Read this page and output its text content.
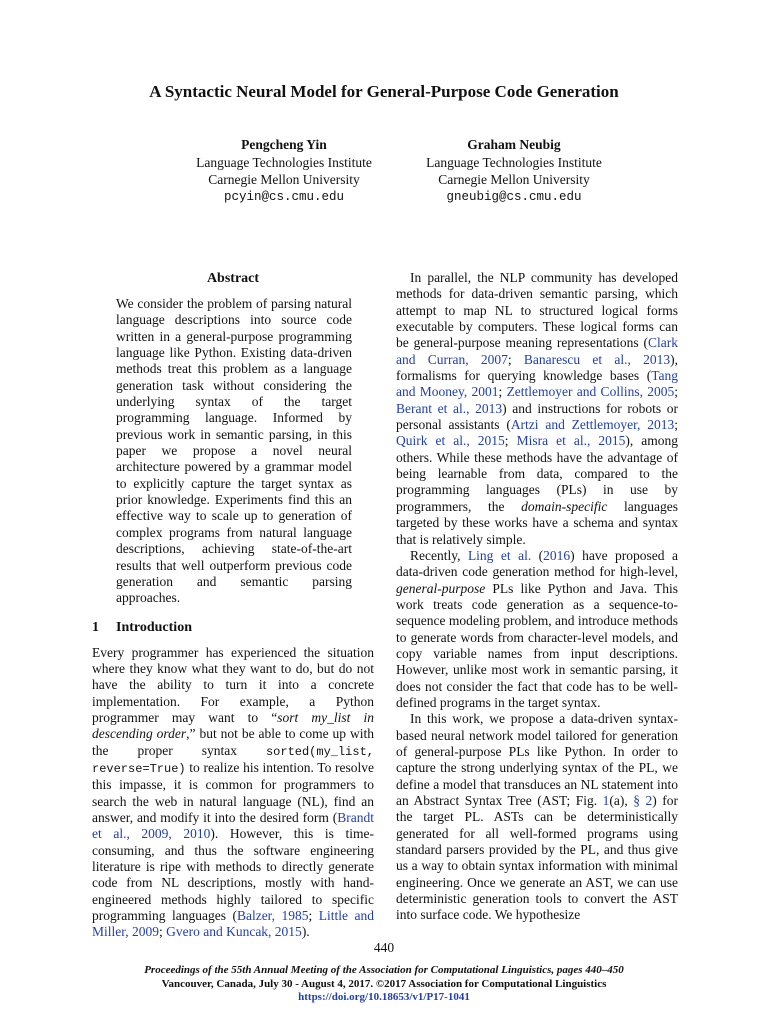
A Syntactic Neural Model for General-Purpose Code Generation
Pengcheng Yin
Language Technologies Institute
Carnegie Mellon University
pcyin@cs.cmu.edu
Graham Neubig
Language Technologies Institute
Carnegie Mellon University
gneubig@cs.cmu.edu
Abstract

We consider the problem of parsing natural language descriptions into source code written in a general-purpose programming language like Python. Existing data-driven methods treat this problem as a language generation task without considering the underlying syntax of the target programming language. Informed by previous work in semantic parsing, in this paper we propose a novel neural architecture powered by a grammar model to explicitly capture the target syntax as prior knowledge. Experiments find this an effective way to scale up to generation of complex programs from natural language descriptions, achieving state-of-the-art results that well outperform previous code generation and semantic parsing approaches.

1 Introduction

Every programmer has experienced the situation where they know what they want to do, but do not have the ability to turn it into a concrete implementation. For example, a Python programmer may want to “sort my_list in descending order,” but not be able to come up with the proper syntax sorted(my_list, reverse=True) to realize his intention. To resolve this impasse, it is common for programmers to search the web in natural language (NL), find an answer, and modify it into the desired form (Brandt et al., 2009, 2010). However, this is time-consuming, and thus the software engineering literature is ripe with methods to directly generate code from NL descriptions, mostly with hand-engineered methods highly tailored to specific programming languages (Balzer, 1985; Little and Miller, 2009; Gvero and Kuncak, 2015).

In parallel, the NLP community has developed methods for data-driven semantic parsing, which attempt to map NL to structured logical forms executable by computers. These logical forms can be general-purpose meaning representations (Clark and Curran, 2007; Banarescu et al., 2013), formalisms for querying knowledge bases (Tang and Mooney, 2001; Zettlemoyer and Collins, 2005; Berant et al., 2013) and instructions for robots or personal assistants (Artzi and Zettlemoyer, 2013; Quirk et al., 2015; Misra et al., 2015), among others. While these methods have the advantage of being learnable from data, compared to the programming languages (PLs) in use by programmers, the domain-specific languages targeted by these works have a schema and syntax that is relatively simple.

Recently, Ling et al. (2016) have proposed a data-driven code generation method for high-level, general-purpose PLs like Python and Java. This work treats code generation as a sequence-to-sequence modeling problem, and introduce methods to generate words from character-level models, and copy variable names from input descriptions. However, unlike most work in semantic parsing, it does not consider the fact that code has to be well-defined programs in the target syntax.

In this work, we propose a data-driven syntax-based neural network model tailored for generation of general-purpose PLs like Python. In order to capture the strong underlying syntax of the PL, we define a model that transduces an NL statement into an Abstract Syntax Tree (AST; Fig. 1(a), § 2) for the target PL. ASTs can be deterministically generated for all well-formed programs using standard parsers provided by the PL, and thus give us a way to obtain syntax information with minimal engineering. Once we generate an AST, we can use deterministic generation tools to convert the AST into surface code. We hypothesize

440
Proceedings of the 55th Annual Meeting of the Association for Computational Linguistics, pages 440–450
Vancouver, Canada, July 30 - August 4, 2017. ©2017 Association for Computational Linguistics
https://doi.org/10.18653/v1/P17-1041
